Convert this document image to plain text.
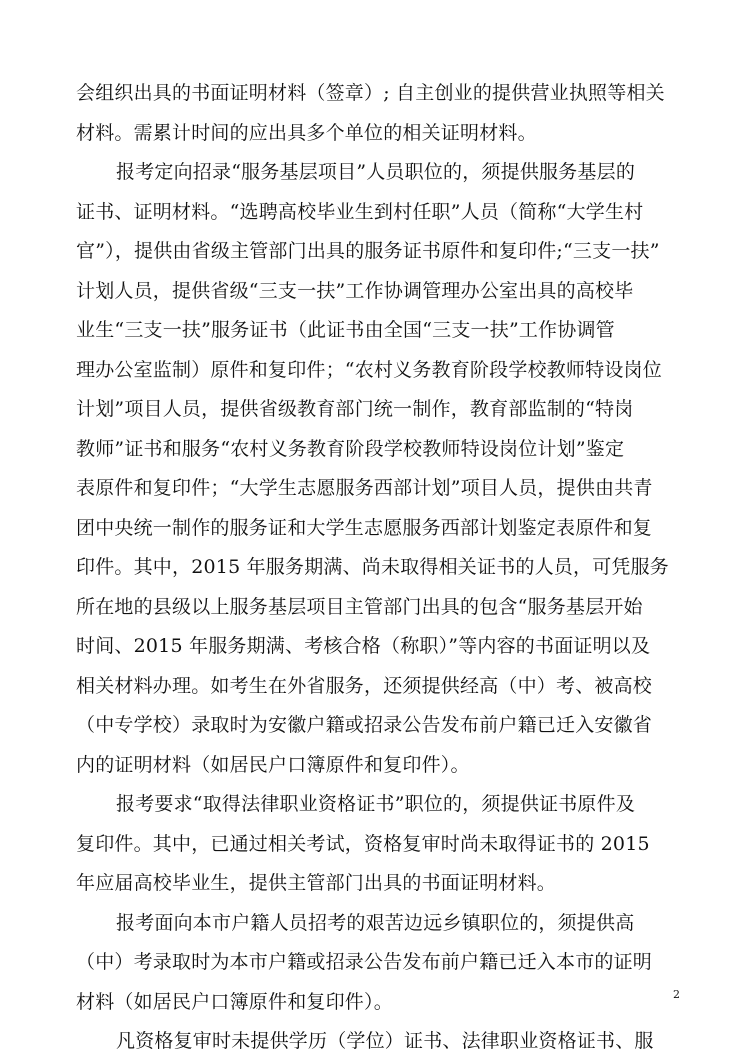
会组织出具的书面证明材料（签章）; 自主创业的提供营业执照等相关
材料。需累计时间的应出具多个单位的相关证明材料。
报考定向招录“服务基层项目”人员职位的，须提供服务基层的
证书、证明材料。“选聘高校毕业生到村任职”人员（简称“大学生村
官”），提供由省级主管部门出具的服务证书原件和复印件;“三支一扶”
计划人员，提供省级“三支一扶”工作协调管理办公室出具的高校毕
业生“三支一扶”服务证书（此证书由全国“三支一扶”工作协调管
理办公室监制）原件和复印件；“农村义务教育阶段学校教师特设岗位
计划”项目人员，提供省级教育部门统一制作，教育部监制的“特岗
教师”证书和服务“农村义务教育阶段学校教师特设岗位计划”鉴定
表原件和复印件；“大学生志愿服务西部计划”项目人员，提供由共青
团中央统一制作的服务证和大学生志愿服务西部计划鉴定表原件和复
印件。其中，2015 年服务期满、尚未取得相关证书的人员，可凭服务
所在地的县级以上服务基层项目主管部门出具的包含“服务基层开始
时间、2015 年服务期满、考核合格（称职）”等内容的书面证明以及
相关材料办理。如考生在外省服务，还须提供经高（中）考、被高校
（中专学校）录取时为安徽户籍或招录公告发布前户籍已迁入安徽省
内的证明材料（如居民户口簿原件和复印件）。
报考要求“取得法律职业资格证书”职位的，须提供证书原件及
复印件。其中，已通过相关考试，资格复审时尚未取得证书的 2015
年应届高校毕业生，提供主管部门出具的书面证明材料。
报考面向本市户籍人员招考的艰苦边远乡镇职位的，须提供高
（中）考录取时为本市户籍或招录公告发布前户籍已迁入本市的证明
材料（如居民户口簿原件和复印件）。
凡资格复审时未提供学历（学位）证书、法律职业资格证书、服
2
